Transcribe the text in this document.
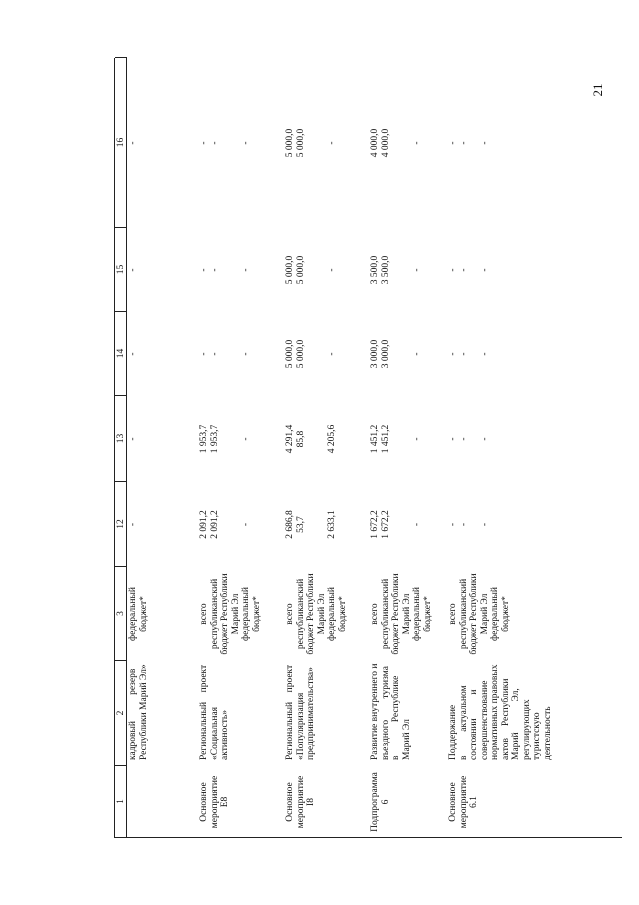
21
1
2
3
12
13
14
15
16
кадровый           резерв Республики Марий Эл»
федеральный бюджет*
-
-
-
-
-
Основное мероприятие E8
Региональный    проект «Социальная активность»
всего республиканский бюджет Республики Марий Эл федеральный бюджет*
2 091,2 2 091,2 -
1 953,7 1 953,7 -
- - -
- - -
- - -
Основное мероприятие I8
Региональный    проект «Популяризация предпринимательства»
всего республиканский бюджет Республики Марий Эл федеральный бюджет*
2 686,8 53,7 2 633,1
4 291,4 85,8 4 205,6
5 000,0 5 000,0 -
5 000,0 5 000,0 -
5 000,0 5 000,0 -
Подпрограмма 6
Развитие внутреннего и въездного         туризма в              Республике Марий Эл
всего республиканский бюджет Республики Марий Эл федеральный бюджет*
1 672,2 1 672,2 -
1 451,2 1 451,2 -
3 000,0 3 000,0 -
3 500,0 3 500,0 -
4 000,0 4 000,0 -
Основное мероприятие 6.1
Поддержание в          актуальном состоянии          и совершенствование нормативных правовых актов     Республики Марий             Эл, регулирующих туристскую деятельность
всего республиканский бюджет Республики Марий Эл федеральный бюджет*
- - -
- - -
- - -
- - -
- - -
